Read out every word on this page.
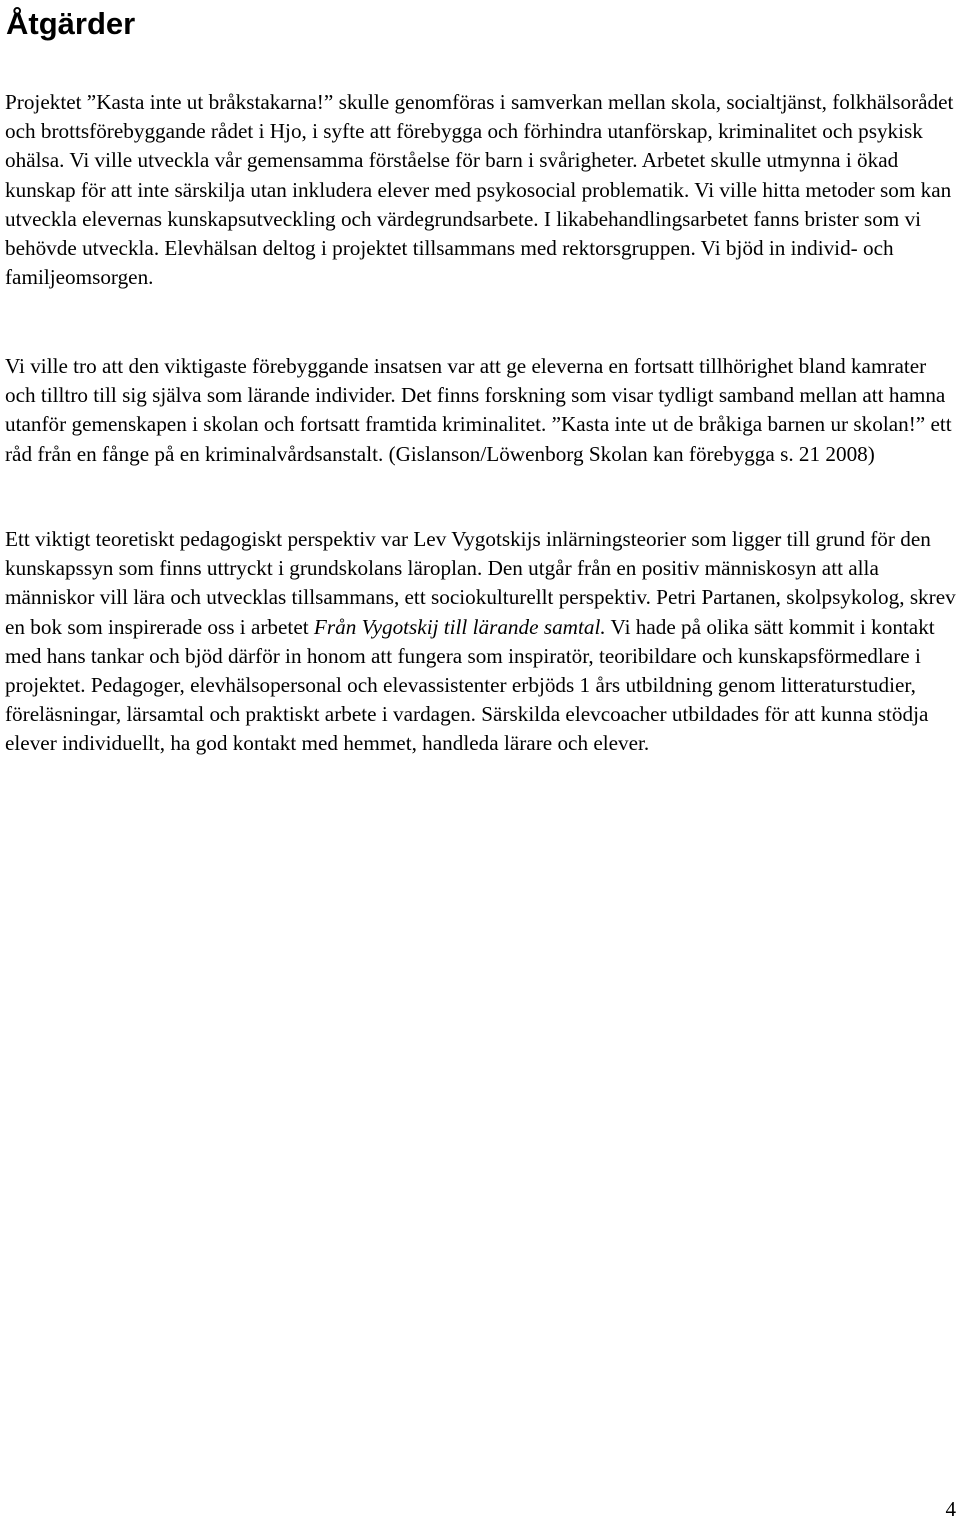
Åtgärder

Projektet ”Kasta inte ut bråkstakarna!” skulle genomföras i samverkan mellan skola, socialtjänst, folkhälsorådet och brottsförebyggande rådet i Hjo, i syfte att förebygga och förhindra utanförskap, kriminalitet och psykisk ohälsa. Vi ville utveckla vår gemensamma förståelse för barn i svårigheter. Arbetet skulle utmynna i ökad kunskap för att inte särskilja utan inkludera elever med psykosocial problematik. Vi ville hitta metoder som kan utveckla elevernas kunskapsutveckling och värdegrundsarbete. I likabehandlingsarbetet fanns brister som vi behövde utveckla. Elevhälsan deltog i projektet tillsammans med rektorsgruppen. Vi bjöd in individ- och familjeomsorgen.

Vi ville tro att den viktigaste förebyggande insatsen var att ge eleverna en fortsatt tillhörighet bland kamrater och tilltro till sig själva som lärande individer. Det finns forskning som visar tydligt samband mellan att hamna utanför gemenskapen i skolan och fortsatt framtida kriminalitet. ”Kasta inte ut de bråkiga barnen ur skolan!” ett råd från en fånge på en kriminalvårdsanstalt. (Gislanson/Löwenborg Skolan kan förebygga s. 21 2008)

Ett viktigt teoretiskt pedagogiskt perspektiv var Lev Vygotskijs inlärningsteorier som ligger till grund för den kunskapssyn som finns uttryckt i grundskolans läroplan. Den utgår från en positiv människosyn att alla människor vill lära och utvecklas tillsammans, ett sociokulturellt perspektiv. Petri Partanen, skolpsykolog, skrev en bok som inspirerade oss i arbetet Från Vygotskij till lärande samtal. Vi hade på olika sätt kommit i kontakt med hans tankar och bjöd därför in honom att fungera som inspiratör, teoribildare och kunskapsförmedlare i projektet. Pedagoger, elevhälsopersonal och elevassistenter erbjöds 1 års utbildning genom litteraturstudier, föreläsningar, lärsamtal och praktiskt arbete i vardagen. Särskilda elevcoacher utbildades för att kunna stödja elever individuellt, ha god kontakt med hemmet, handleda lärare och elever.

4
